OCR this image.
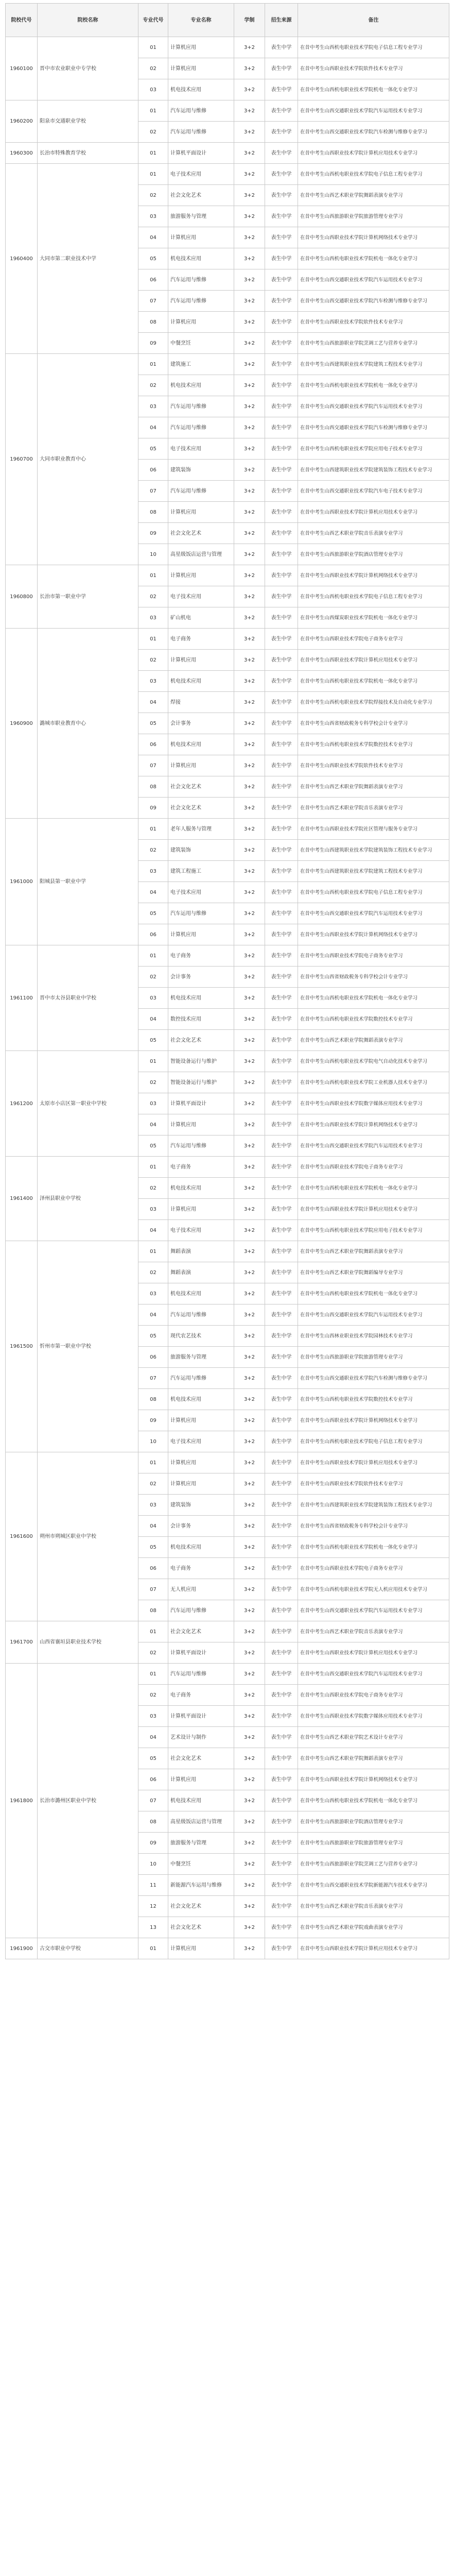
院校代号	院校名称	专业代号	专业名称	学制	招生来源	备注
1960100	晋中市农业职业中专学校	01	计算机应用	3+2	表生中学	在昔中考生山西机电职业技术学院电子信息工程专业学习
		02	计算机应用	3+2	表生中学	在昔中考生山西职业技术学院软件技术专业学习
		03	机电技术应用	3+2	表生中学	在昔中考生山西机电职业技术学院机电一体化专业学习
1960200	阳泉市交通职业学校	01	汽车运用与维修	3+2	表生中学	在昔中考生山西交通职业技术学院汽车运用技术专业学习
		02	汽车运用与维修	3+2	表生中学	在昔中考生山西交通职业技术学院汽车检测与维修专业学习
1960300	长治市特殊教育学校	01	计算机平面设计	3+2	表生中学	在昔中考生山西职业技术学院计算机应用技术专业学习
1960400	大同市第二职业技术中学	01	电子技术应用	3+2	表生中学	在昔中考生山西机电职业技术学院电子信息工程专业学习
		02	社会文化艺术	3+2	表生中学	在昔中考生山西艺术职业学院舞蹈表演专业学习
		03	旅游服务与管理	3+2	表生中学	在昔中考生山西旅游职业学院旅游管理专业学习
		04	计算机应用	3+2	表生中学	在昔中考生山西职业技术学院计算机网络技术专业学习
		05	机电技术应用	3+2	表生中学	在昔中考生山西机电职业技术学院机电一体化专业学习
		06	汽车运用与维修	3+2	表生中学	在昔中考生山西交通职业技术学院汽车运用技术专业学习
		07	汽车运用与维修	3+2	表生中学	在昔中考生山西交通职业技术学院汽车检测与维修专业学习
		08	计算机应用	3+2	表生中学	在昔中考生山西职业技术学院软件技术专业学习
		09	中餐烹饪	3+2	表生中学	在昔中考生山西旅游职业学院烹调工艺与营养专业学习
1960700	大同市职业教育中心	01	建筑施工	3+2	表生中学	在昔中考生山西建筑职业技术学院建筑工程技术专业学习
		02	机电技术应用	3+2	表生中学	在昔中考生山西机电职业技术学院机电一体化专业学习
		03	汽车运用与维修	3+2	表生中学	在昔中考生山西交通职业技术学院汽车运用技术专业学习
		04	汽车运用与维修	3+2	表生中学	在昔中考生山西交通职业技术学院汽车检测与维修专业学习
		05	电子技术应用	3+2	表生中学	在昔中考生山西机电职业技术学院应用电子技术专业学习
		06	建筑装饰	3+2	表生中学	在昔中考生山西建筑职业技术学院建筑装饰工程技术专业学习
		07	汽车运用与维修	3+2	表生中学	在昔中考生山西交通职业技术学院汽车电子技术专业学习
		08	计算机应用	3+2	表生中学	在昔中考生山西职业技术学院计算机应用技术专业学习
		09	社会文化艺术	3+2	表生中学	在昔中考生山西艺术职业学院音乐表演专业学习
		10	高星级饭店运营与管理	3+2	表生中学	在昔中考生山西旅游职业学院酒店管理专业学习
1960800	长治市第一职业中学	01	计算机应用	3+2	表生中学	在昔中考生山西职业技术学院计算机网络技术专业学习
		02	电子技术应用	3+2	表生中学	在昔中考生山西机电职业技术学院电子信息工程专业学习
		03	矿山机电	3+2	表生中学	在昔中考生山西煤炭职业技术学院机电一体化专业学习
1960900	潞城市职业教育中心	01	电子商务	3+2	表生中学	在昔中考生山西职业技术学院电子商务专业学习
		02	计算机应用	3+2	表生中学	在昔中考生山西职业技术学院计算机应用技术专业学习
		03	机电技术应用	3+2	表生中学	在昔中考生山西机电职业技术学院机电一体化专业学习
		04	焊接	3+2	表生中学	在昔中考生山西机电职业技术学院焊接技术及自动化专业学习
		05	会计事务	3+2	表生中学	在昔中考生山西省财政税务专科学校会计专业学习
		06	机电技术应用	3+2	表生中学	在昔中考生山西机电职业技术学院数控技术专业学习
		07	计算机应用	3+2	表生中学	在昔中考生山西职业技术学院软件技术专业学习
		08	社会文化艺术	3+2	表生中学	在昔中考生山西艺术职业学院舞蹈表演专业学习
		09	社会文化艺术	3+2	表生中学	在昔中考生山西艺术职业学院音乐表演专业学习
1961000	阳城县第一职业中学	01	老年人服务与管理	3+2	表生中学	在昔中考生山西职业技术学院社区管理与服务专业学习
		02	建筑装饰	3+2	表生中学	在昔中考生山西建筑职业技术学院建筑装饰工程技术专业学习
		03	建筑工程施工	3+2	表生中学	在昔中考生山西建筑职业技术学院建筑工程技术专业学习
		04	电子技术应用	3+2	表生中学	在昔中考生山西机电职业技术学院电子信息工程专业学习
		05	汽车运用与维修	3+2	表生中学	在昔中考生山西交通职业技术学院汽车运用技术专业学习
		06	计算机应用	3+2	表生中学	在昔中考生山西职业技术学院计算机网络技术专业学习
1961100	晋中市太谷县职业中学校	01	电子商务	3+2	表生中学	在昔中考生山西职业技术学院电子商务专业学习
		02	会计事务	3+2	表生中学	在昔中考生山西省财政税务专科学校会计专业学习
		03	机电技术应用	3+2	表生中学	在昔中考生山西机电职业技术学院机电一体化专业学习
		04	数控技术应用	3+2	表生中学	在昔中考生山西机电职业技术学院数控技术专业学习
		05	社会文化艺术	3+2	表生中学	在昔中考生山西艺术职业学院舞蹈表演专业学习
1961200	太原市小店区第一职业中学校	01	智能设备运行与维护	3+2	表生中学	在昔中考生山西机电职业技术学院电气自动化技术专业学习
		02	智能设备运行与维护	3+2	表生中学	在昔中考生山西机电职业技术学院工业机器人技术专业学习
		03	计算机平面设计	3+2	表生中学	在昔中考生山西职业技术学院数字媒体应用技术专业学习
		04	计算机应用	3+2	表生中学	在昔中考生山西职业技术学院计算机网络技术专业学习
		05	汽车运用与维修	3+2	表生中学	在昔中考生山西交通职业技术学院汽车运用技术专业学习
1961400	泽州县职业中学校	01	电子商务	3+2	表生中学	在昔中考生山西职业技术学院电子商务专业学习
		02	机电技术应用	3+2	表生中学	在昔中考生山西机电职业技术学院机电一体化专业学习
		03	计算机应用	3+2	表生中学	在昔中考生山西职业技术学院计算机应用技术专业学习
		04	电子技术应用	3+2	表生中学	在昔中考生山西机电职业技术学院应用电子技术专业学习
1961500	忻州市第一职业中学校	01	舞蹈表演	3+2	表生中学	在昔中考生山西艺术职业学院舞蹈表演专业学习
		02	舞蹈表演	3+2	表生中学	在昔中考生山西艺术职业学院舞蹈编导专业学习
		03	机电技术应用	3+2	表生中学	在昔中考生山西机电职业技术学院机电一体化专业学习
		04	汽车运用与维修	3+2	表生中学	在昔中考生山西交通职业技术学院汽车运用技术专业学习
		05	现代农艺技术	3+2	表生中学	在昔中考生山西林业职业技术学院园林技术专业学习
		06	旅游服务与管理	3+2	表生中学	在昔中考生山西旅游职业学院旅游管理专业学习
		07	汽车运用与维修	3+2	表生中学	在昔中考生山西交通职业技术学院汽车检测与维修专业学习
		08	机电技术应用	3+2	表生中学	在昔中考生山西机电职业技术学院数控技术专业学习
		09	计算机应用	3+2	表生中学	在昔中考生山西职业技术学院计算机网络技术专业学习
		10	电子技术应用	3+2	表生中学	在昔中考生山西机电职业技术学院电子信息工程专业学习
1961600	朔州市朔城区职业中学校	01	计算机应用	3+2	表生中学	在昔中考生山西职业技术学院计算机应用技术专业学习
		02	计算机应用	3+2	表生中学	在昔中考生山西职业技术学院软件技术专业学习
		03	建筑装饰	3+2	表生中学	在昔中考生山西建筑职业技术学院建筑装饰工程技术专业学习
		04	会计事务	3+2	表生中学	在昔中考生山西省财政税务专科学校会计专业学习
		05	机电技术应用	3+2	表生中学	在昔中考生山西机电职业技术学院机电一体化专业学习
		06	电子商务	3+2	表生中学	在昔中考生山西职业技术学院电子商务专业学习
		07	无人机应用	3+2	表生中学	在昔中考生山西机电职业技术学院无人机应用技术专业学习
		08	汽车运用与维修	3+2	表生中学	在昔中考生山西交通职业技术学院汽车运用技术专业学习
1961700	山西省襄垣县职业技术学校	01	社会文化艺术	3+2	表生中学	在昔中考生山西艺术职业学院音乐表演专业学习
		02	计算机平面设计	3+2	表生中学	在昔中考生山西职业技术学院计算机应用技术专业学习
1961800	长治市潞州区职业中学校	01	汽车运用与维修	3+2	表生中学	在昔中考生山西交通职业技术学院汽车运用技术专业学习
		02	电子商务	3+2	表生中学	在昔中考生山西职业技术学院电子商务专业学习
		03	计算机平面设计	3+2	表生中学	在昔中考生山西职业技术学院数字媒体应用技术专业学习
		04	艺术设计与制作	3+2	表生中学	在昔中考生山西艺术职业学院艺术设计专业学习
		05	社会文化艺术	3+2	表生中学	在昔中考生山西艺术职业学院舞蹈表演专业学习
		06	计算机应用	3+2	表生中学	在昔中考生山西职业技术学院计算机网络技术专业学习
		07	机电技术应用	3+2	表生中学	在昔中考生山西机电职业技术学院机电一体化专业学习
		08	高星级饭店运营与管理	3+2	表生中学	在昔中考生山西旅游职业学院酒店管理专业学习
		09	旅游服务与管理	3+2	表生中学	在昔中考生山西旅游职业学院旅游管理专业学习
		10	中餐烹饪	3+2	表生中学	在昔中考生山西旅游职业学院烹调工艺与营养专业学习
		11	新能源汽车运用与维修	3+2	表生中学	在昔中考生山西交通职业技术学院新能源汽车技术专业学习
		12	社会文化艺术	3+2	表生中学	在昔中考生山西艺术职业学院音乐表演专业学习
		13	社会文化艺术	3+2	表生中学	在昔中考生山西艺术职业学院戏曲表演专业学习
1961900	古交市职业中学校	01	计算机应用	3+2	表生中学	在昔中考生山西职业技术学院计算机应用技术专业学习
